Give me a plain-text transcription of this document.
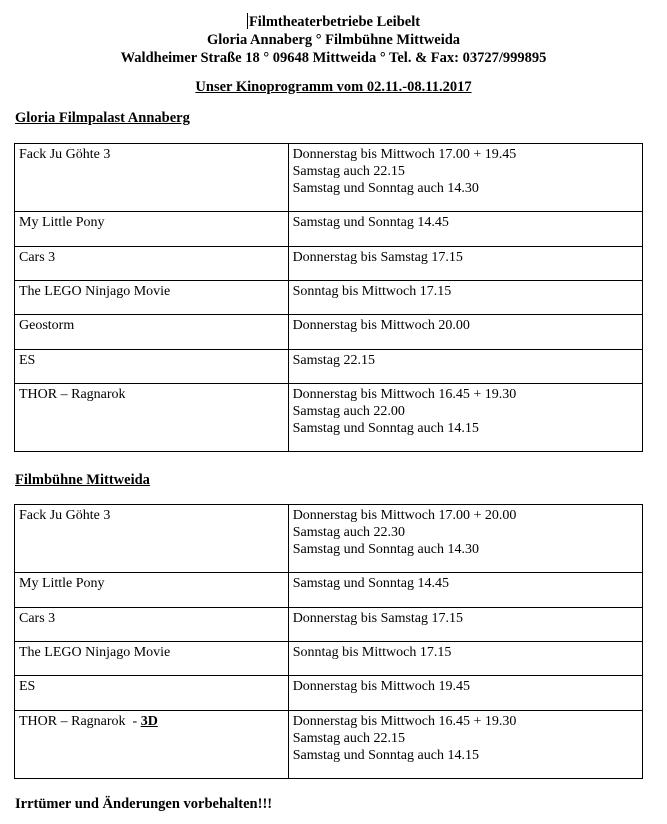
Filmtheaterbetriebe Leibelt
Gloria Annaberg ° Filmbühne Mittweida
Waldheimer Straße 18 ° 09648 Mittweida ° Tel. & Fax: 03727/999895
Unser Kinoprogramm vom 02.11.-08.11.2017
Gloria Filmpalast Annaberg
Fack Ju Göhte 3	Donnerstag bis Mittwoch 17.00 + 19.45
Samstag auch 22.15
Samstag und Sonntag auch 14.30

My Little Pony	Samstag und Sonntag 14.45

Cars 3	Donnerstag bis Samstag 17.15

The LEGO Ninjago Movie	Sonntag bis Mittwoch 17.15

Geostorm	Donnerstag bis Mittwoch 20.00

ES	Samstag 22.15

THOR – Ragnarok	Donnerstag bis Mittwoch 16.45 + 19.30
Samstag auch 22.00
Samstag und Sonntag auch 14.15
Filmbühne Mittweida
Fack Ju Göhte 3	Donnerstag bis Mittwoch 17.00 + 20.00
Samstag auch 22.30
Samstag und Sonntag auch 14.30

My Little Pony	Samstag und Sonntag 14.45

Cars 3	Donnerstag bis Samstag 17.15

The LEGO Ninjago Movie	Sonntag bis Mittwoch 17.15

ES	Donnerstag bis Mittwoch 19.45

THOR – Ragnarok  - 3D	Donnerstag bis Mittwoch 16.45 + 19.30
Samstag auch 22.15
Samstag und Sonntag auch 14.15
Irrtümer und Änderungen vorbehalten!!!
